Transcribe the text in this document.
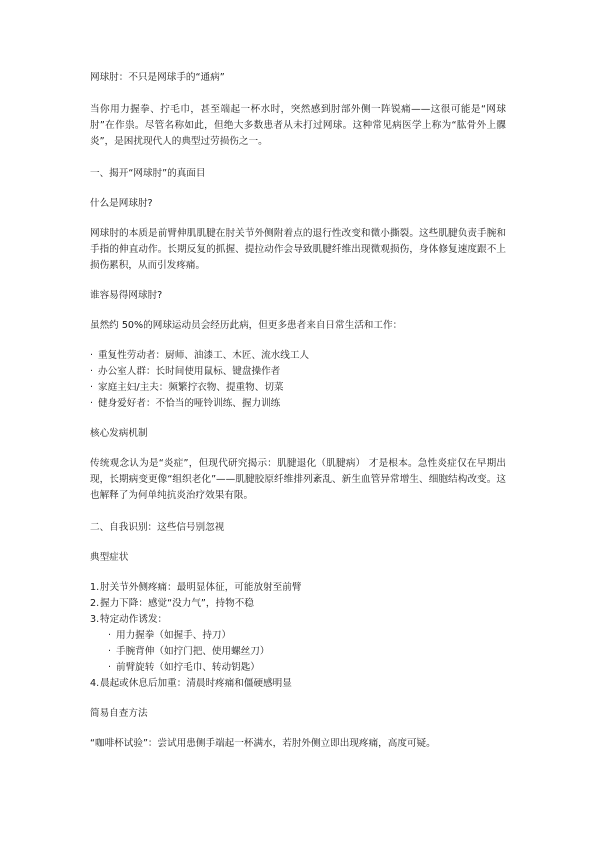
网球肘：不只是网球手的“通病”

当你用力握拳、拧毛巾，甚至端起一杯水时，突然感到肘部外侧一阵锐痛——这很可能是“网球肘”在作祟。尽管名称如此，但绝大多数患者从未打过网球。这种常见病医学上称为“肱骨外上髁炎”，是困扰现代人的典型过劳损伤之一。

一、揭开“网球肘”的真面目

什么是网球肘?

网球肘的本质是前臂伸肌肌腱在肘关节外侧附着点的退行性改变和微小撕裂。这些肌腱负责手腕和手指的伸直动作。长期反复的抓握、提拉动作会导致肌腱纤维出现微观损伤，身体修复速度跟不上损伤累积，从而引发疼痛。

谁容易得网球肘?

虽然约 50%的网球运动员会经历此病，但更多患者来自日常生活和工作：

· 重复性劳动者：厨师、油漆工、木匠、流水线工人
· 办公室人群：长时间使用鼠标、键盘操作者
· 家庭主妇/主夫：频繁拧衣物、提重物、切菜
· 健身爱好者：不恰当的哑铃训练、握力训练

核心发病机制

传统观念认为是“炎症”，但现代研究揭示：肌腱退化（肌腱病） 才是根本。急性炎症仅在早期出现，长期病变更像“组织老化”——肌腱胶原纤维排列紊乱、新生血管异常增生、细胞结构改变。这也解释了为何单纯抗炎治疗效果有限。

二、自我识别：这些信号别忽视

典型症状

1. 肘关节外侧疼痛：最明显体征，可能放射至前臂
2. 握力下降：感觉“没力气”，持物不稳
3. 特定动作诱发：
· 用力握拳（如握手、持刀）
· 手腕背伸（如拧门把、使用螺丝刀）
· 前臂旋转（如拧毛巾、转动钥匙）
4. 晨起或休息后加重：清晨时疼痛和僵硬感明显

简易自查方法

“咖啡杯试验”：尝试用患侧手端起一杯满水，若肘外侧立即出现疼痛，高度可疑。
